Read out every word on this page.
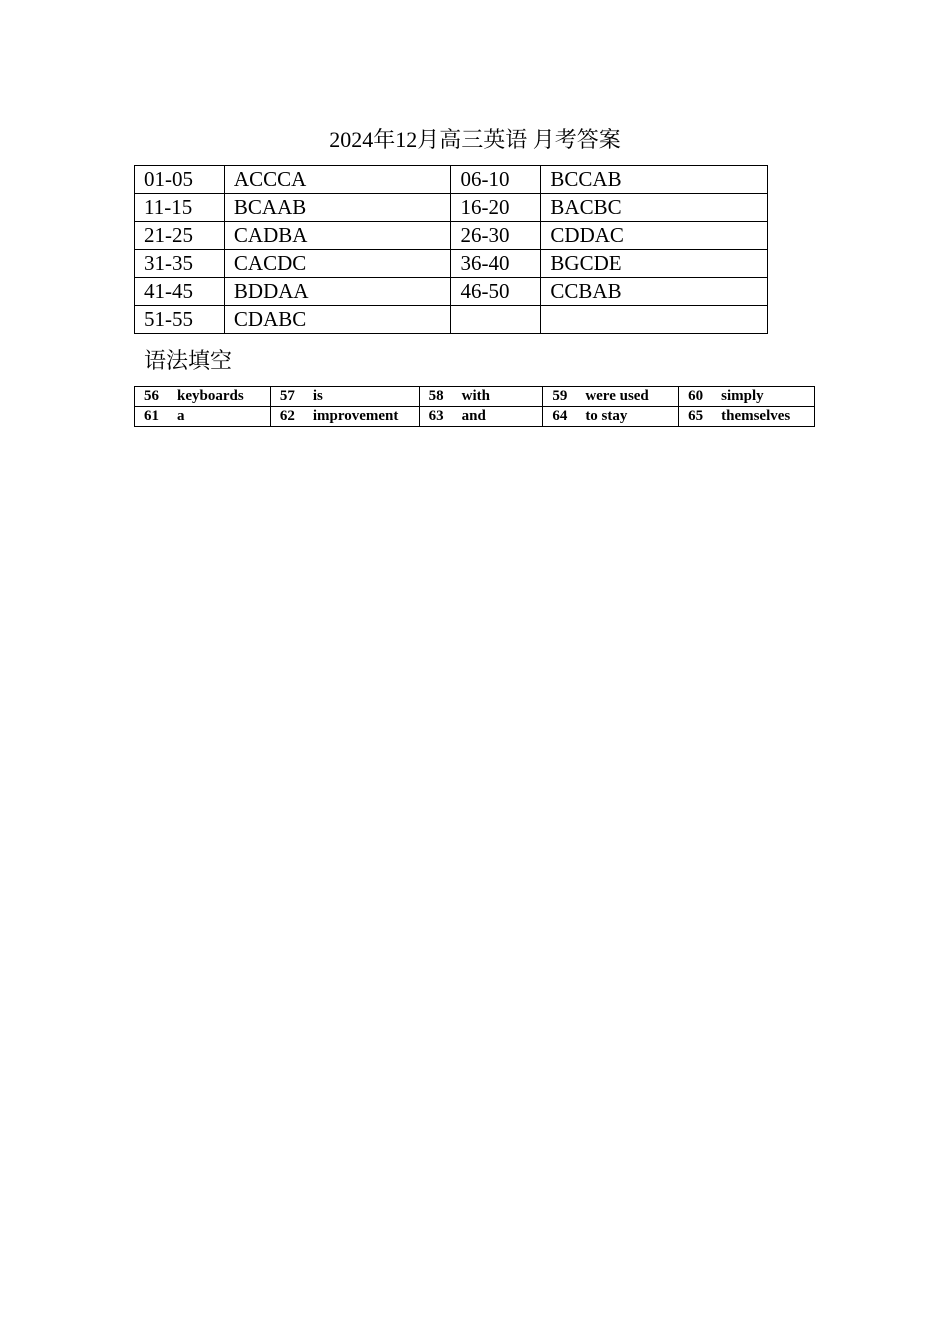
2024年12月高三英语 月考答案
01-05	ACCCA	06-10	BCCAB
11-15	BCAAB	16-20	BACBC
21-25	CADBA	26-30	CDDAC
31-35	CACDC	36-40	BGCDE
41-45	BDDAA	46-50	CCBAB
51-55	CDABC		
语法填空
56 keyboards	57 is	58 with	59 were used	60 simply
61 a	62 improvement	63 and	64 to stay	65 themselves
